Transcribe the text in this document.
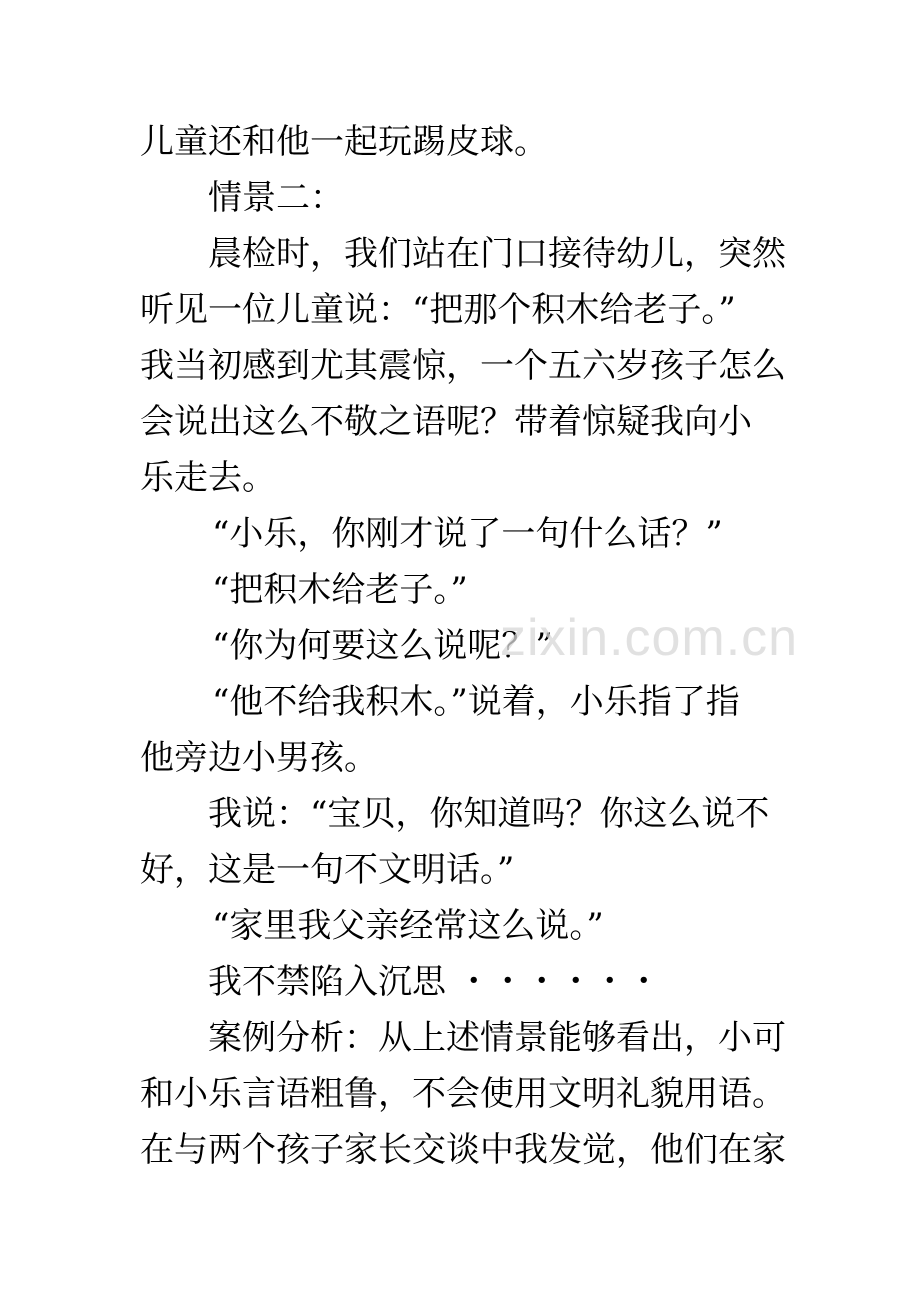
儿童还和他一起玩踢皮球。
情景二：
晨检时，我们站在门口接待幼儿，突然
听见一位儿童说：“把那个积木给老子。”
我当初感到尤其震惊，一个五六岁孩子怎么
会说出这么不敬之语呢？带着惊疑我向小
乐走去。
“小乐，你刚才说了一句什么话？”
“把积木给老子。”
“你为何要这么说呢？”
“他不给我积木。”说着，小乐指了指
他旁边小男孩。
我说：“宝贝，你知道吗？你这么说不
好，这是一句不文明话。”
“家里我父亲经常这么说。”
我不禁陷入沉思 ・・・・・・
案例分析：从上述情景能够看出，小可
和小乐言语粗鲁，不会使用文明礼貌用语。
在与两个孩子家长交谈中我发觉，他们在家
zixin.com.cn
